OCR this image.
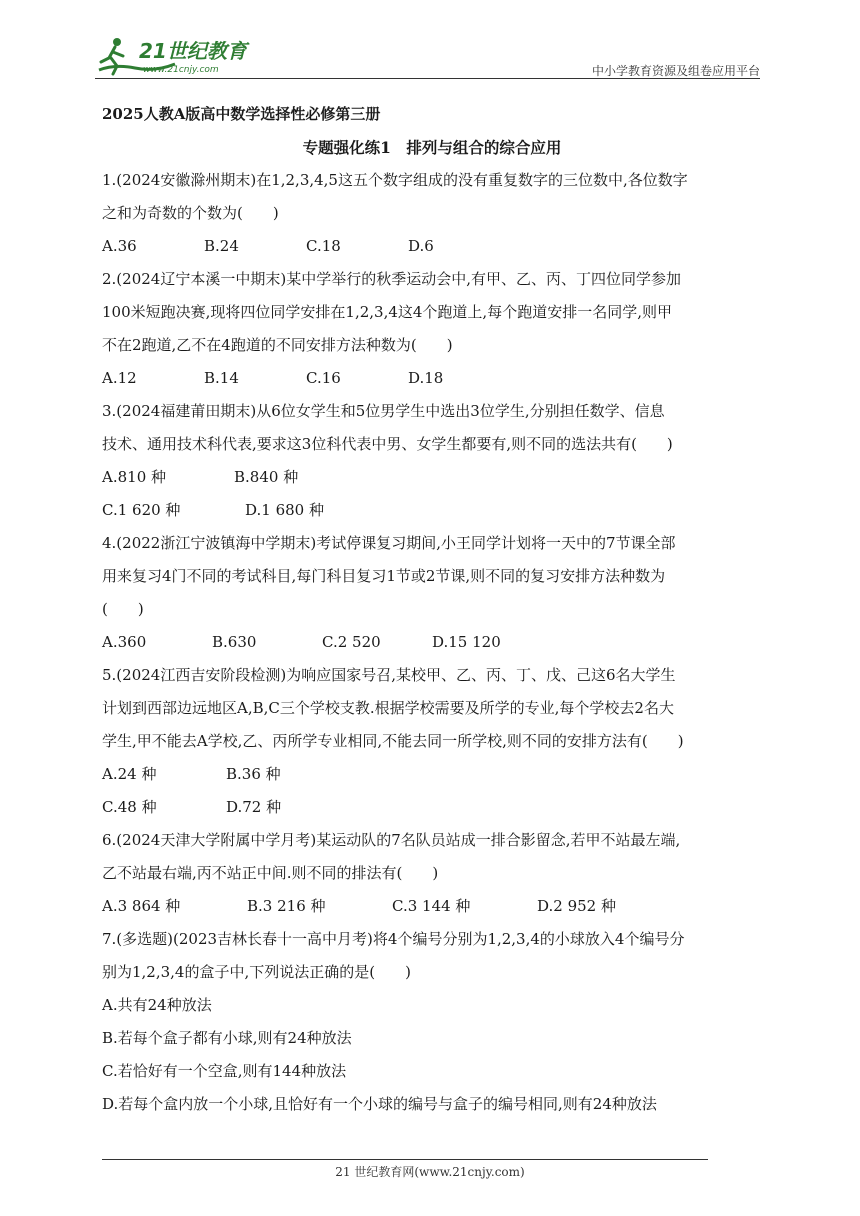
21世纪教育
www.21cnjy.com	中小学教育资源及组卷应用平台
2025人教A版高中数学选择性必修第三册
专题强化练1　排列与组合的综合应用

1.(2024安徽滁州期末)在1,2,3,4,5这五个数字组成的没有重复数字的三位数中,各位数字

之和为奇数的个数为(　　)

A.36	B.24	C.18	D.6

2.(2024辽宁本溪一中期末)某中学举行的秋季运动会中,有甲、乙、丙、丁四位同学参加

100米短跑决赛,现将四位同学安排在1,2,3,4这4个跑道上,每个跑道安排一名同学,则甲

不在2跑道,乙不在4跑道的不同安排方法种数为(　　)

A.12	B.14	C.16	D.18

3.(2024福建莆田期末)从6位女学生和5位男学生中选出3位学生,分别担任数学、信息

技术、通用技术科代表,要求这3位科代表中男、女学生都要有,则不同的选法共有(　　)

A.810 种	B.840 种
C.1 620 种	D.1 680 种

4.(2022浙江宁波镇海中学期末)考试停课复习期间,小王同学计划将一天中的7节课全部

用来复习4门不同的考试科目,每门科目复习1节或2节课,则不同的复习安排方法种数为

(　　)

A.360	B.630	C.2 520	D.15 120

5.(2024江西吉安阶段检测)为响应国家号召,某校甲、乙、丙、丁、戊、己这6名大学生

计划到西部边远地区A,B,C三个学校支教.根据学校需要及所学的专业,每个学校去2名大

学生,甲不能去A学校,乙、丙所学专业相同,不能去同一所学校,则不同的安排方法有(　　)

A.24 种	B.36 种
C.48 种	D.72 种

6.(2024天津大学附属中学月考)某运动队的7名队员站成一排合影留念,若甲不站最左端,

乙不站最右端,丙不站正中间.则不同的排法有(　　)

A.3 864 种	B.3 216 种	C.3 144 种	D.2 952 种

7.(多选题)(2023吉林长春十一高中月考)将4个编号分别为1,2,3,4的小球放入4个编号分

别为1,2,3,4的盒子中,下列说法正确的是(　　)

A.共有24种放法

B.若每个盒子都有小球,则有24种放法

C.若恰好有一个空盒,则有144种放法

D.若每个盒内放一个小球,且恰好有一个小球的编号与盒子的编号相同,则有24种放法

21 世纪教育网(www.21cnjy.com)
